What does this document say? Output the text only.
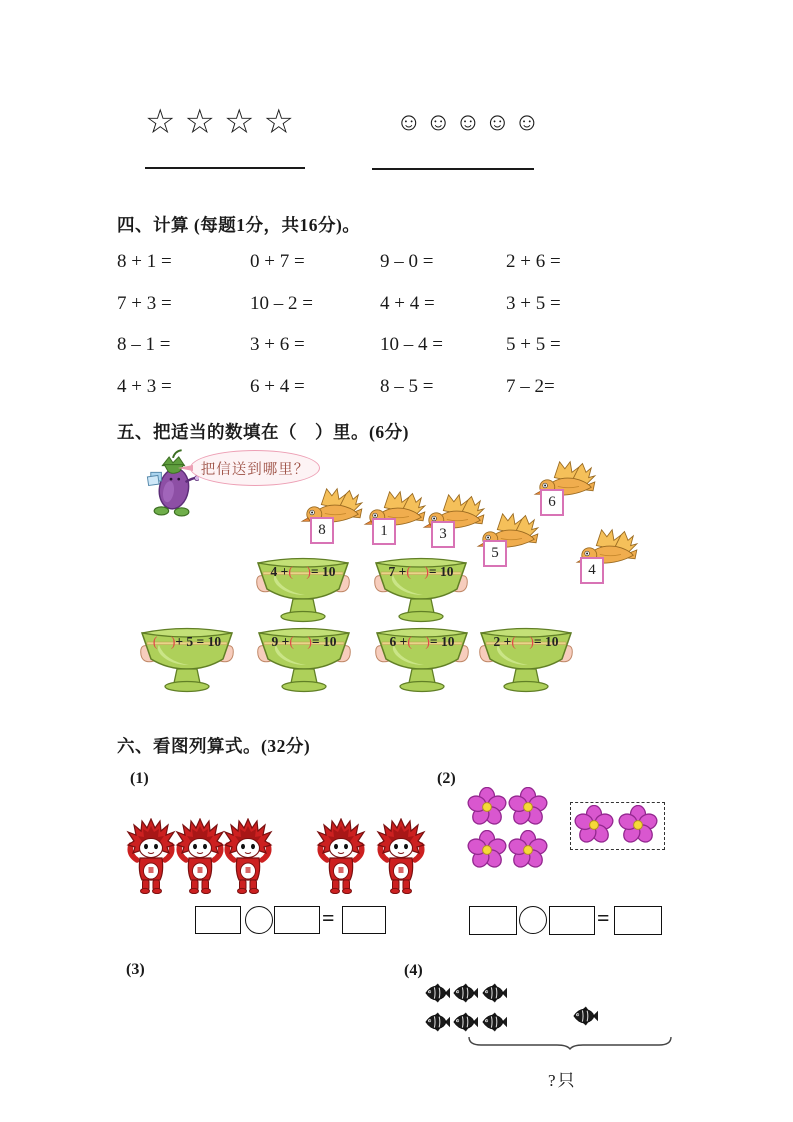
☆ ☆ ☆ ☆	☺ ☺ ☺ ☺ ☺
四、计算 (每题1分，共16分)。
8 + 1 =	0 + 7 =	9 – 0 =	2 + 6 =
7 + 3 =	10 – 2 =	4 + 4 =	3 + 5 =
8 – 1 =	3 + 6 =	10 – 4 =	5 + 5 =
4 + 3 =	6 + 4 =	8 – 5 =	7 – 2=
五、把适当的数填在（　）里。(6分)
把信送到哪里？
8	1	3
5
6
4
4 +(　)= 10	7 +(　)= 10
(　)+ 5 = 10	9 +(　)= 10	6 +(　)= 10	2 +(　)= 10
六、看图列算式。(32分)
(1)	(2)
=	=
(3)	(4)
?只
